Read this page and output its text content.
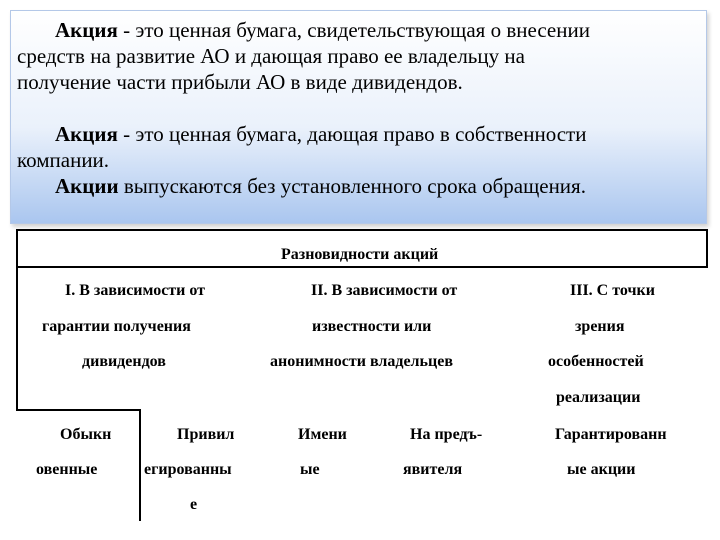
Акция - это ценная бумага, свидетельствующая о внесении
средств на развитие АО и дающая право ее владельцу на
получение части прибыли АО в виде дивидендов.

Акция - это ценная бумага, дающая право в собственности
компании.

Акции выпускаются без установленного срока обращения.

Разновидности акций
I. В зависимости от
гарантии получения
дивидендов
II. В зависимости от
известности или
анонимности владельцев
III. С точки
зрения
особенностей
реализации
Обыкн
овенные
Привил
егированны
е
Имени
ые
На предъ-
явителя
Гарантированн
ые акции
